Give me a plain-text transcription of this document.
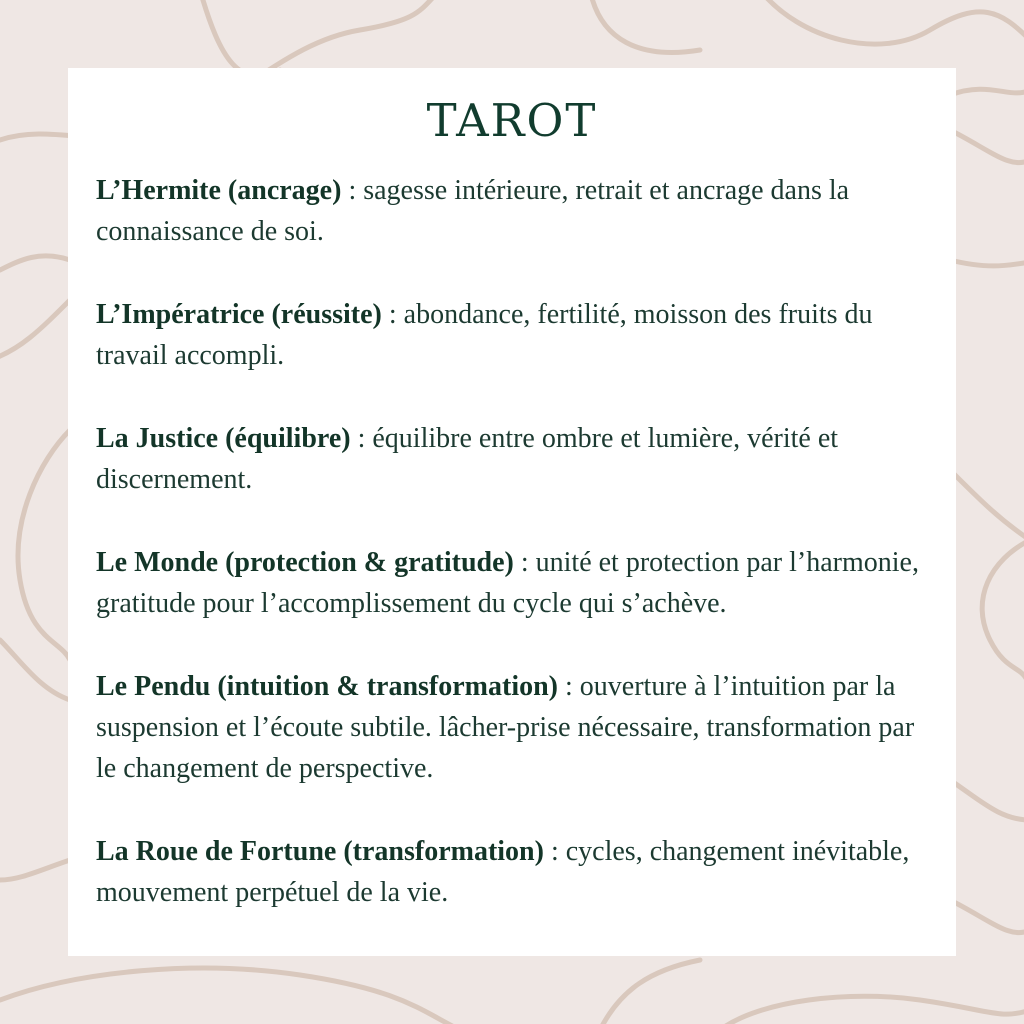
TAROT

L’Hermite (ancrage) : sagesse intérieure, retrait et ancrage dans la connaissance de soi.

L’Impératrice (réussite) : abondance, fertilité, moisson des fruits du travail accompli.

La Justice (équilibre) : équilibre entre ombre et lumière, vérité et discernement.

Le Monde (protection & gratitude) : unité et protection par l’harmonie, gratitude pour l’accomplissement du cycle qui s’achève.

Le Pendu (intuition & transformation) : ouverture à l’intuition par la suspension et l’écoute subtile. lâcher-prise nécessaire, transformation par le changement de perspective.

La Roue de Fortune (transformation) : cycles, changement inévitable, mouvement perpétuel de la vie.
